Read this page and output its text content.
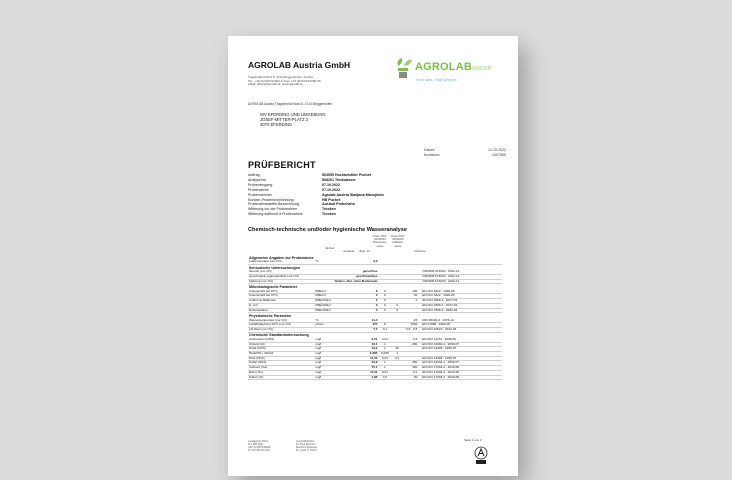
AGROLAB Austria GmbH
Tragwerkhof Nord 8, 4714 Meggenhofen, Austria
Tel.: +43 (0)7247/21000-0, Fax: +43 (0)7247/21000-50
eMail: office@agrolab.at, www.agrolab.at
AGROLABGROUP
Your labs. Your service.
AGROLAB Austria Tragwerkhof Nord 8, 4714 Meggenhofen
WV EFERDING UND UMGEBUNG
JOSEF-MITTER-PLATZ 2
4070 EFERDING
Datum	12.10.2022
Kundennr.	1007590
PRÜFBERICHT
Auftrag	563555 Hochbehälter Puchet
Analysennr.	568261 Trinkwasser
Probeneingang	07.10.2022
Probenahme	07.10.2022
Probennehmer	Agrolab Austria Sladjana Manojlovic
Kunden-Probenbezeichnung	HB Puchet
Probenahmestelle-Bezeichnung	Auslauf Probehahn
Witterung vor der Probenahme	Trocken
Witterung während d.Probenahme	Trocken
Chemisch-technische und/oder hygienische Wasseranalyse
Einheit
Ergebnis	Best.-Gr.
Parw TWV 304/2001 Parameter-werte
Parw TWV 304/2001 Indikator-werte
Methode
Allgemeine Angaben zur Probenahme						
Lufttemperatur (vor Ort)	°C	9,0				
Sensorische Untersuchungen						
Geruch (vor Ort)		geruchlos				ÖNORM M 6620 : 2012-12
Geschmack organoleptisch (vor Ort)		geschmacklos				ÖNORM M 6620 : 2012-12
Färbung (vor Ort)		farblos, klar, ohne Bodensatz				ÖNORM M 6620 : 2012-12
Mikrobiologische Parameter						
Koloniezahl bei 22°C	KBE/ml	8	0		100	EN ISO 6222 : 1999-05
Koloniezahl bei 37°C	KBE/ml	3	0		20	EN ISO 6222 : 1999-05
Coliforme Bakterien	KBE/100ml	0	0		0	EN ISO 9308-1 : 2017-01
E. coli	KBE/100ml	0	0	0		EN ISO 9308-1 : 2017-01
Enterokokken	KBE/100ml	0	0	0		EN ISO 7899-2 : 2000-04
Physikalische Parameter						
Wassertemperatur (vor Ort)	°C	11,4			25	DIN 38404-4 : 1976-12
Leitfähigkeit bei 20°C (vor Ort)	µS/cm	457	5		2500	EN 27888 : 1993-09
pH-Wert (vor Ort)		7,3	0,1		6,5 - 9,5	EN ISO 10523 : 2012-02
Chemische Standarduntersuchung						
Ammonium (NH4)	mg/l	0,01	0,01		0,5	EN ISO 11732 : 2005-02
Chlorid (Cl)	mg/l	16,1	1		200	EN ISO 10304-1 : 2009-07
Nitrat (NO3)	mg/l	19,2	1	50		EN ISO 13395 : 1996-07
Nitrat/50 + Nitrit/3	mg/l	0,387	0,025	1		
Nitrit (NO2)	mg/l	<0,01	0,01	0,1		EN ISO 13395 : 1996-07
Sulfat (SO4)	mg/l	23,8	1		250	EN ISO 10304-1 : 2009-07
Calcium (Ca)	mg/l	75,1	1		400	EN ISO 17294-2 : 2016-08
Eisen (Fe)	mg/l	<0,01	0,01		0,2	EN ISO 17294-2 : 2016-08
Kalium (K)	mg/l	1,95	0,5		50	EN ISO 17294-2 : 2016-08
Landgericht Wels
FN: 387.302r
UID: ATU67545189
FT (0)7316 83 303
Geschäftsführer
Dr. Paul Wimmer
Manfred Spitlinger
Dr. Carlo C. Peich
Seite 1 von 3
